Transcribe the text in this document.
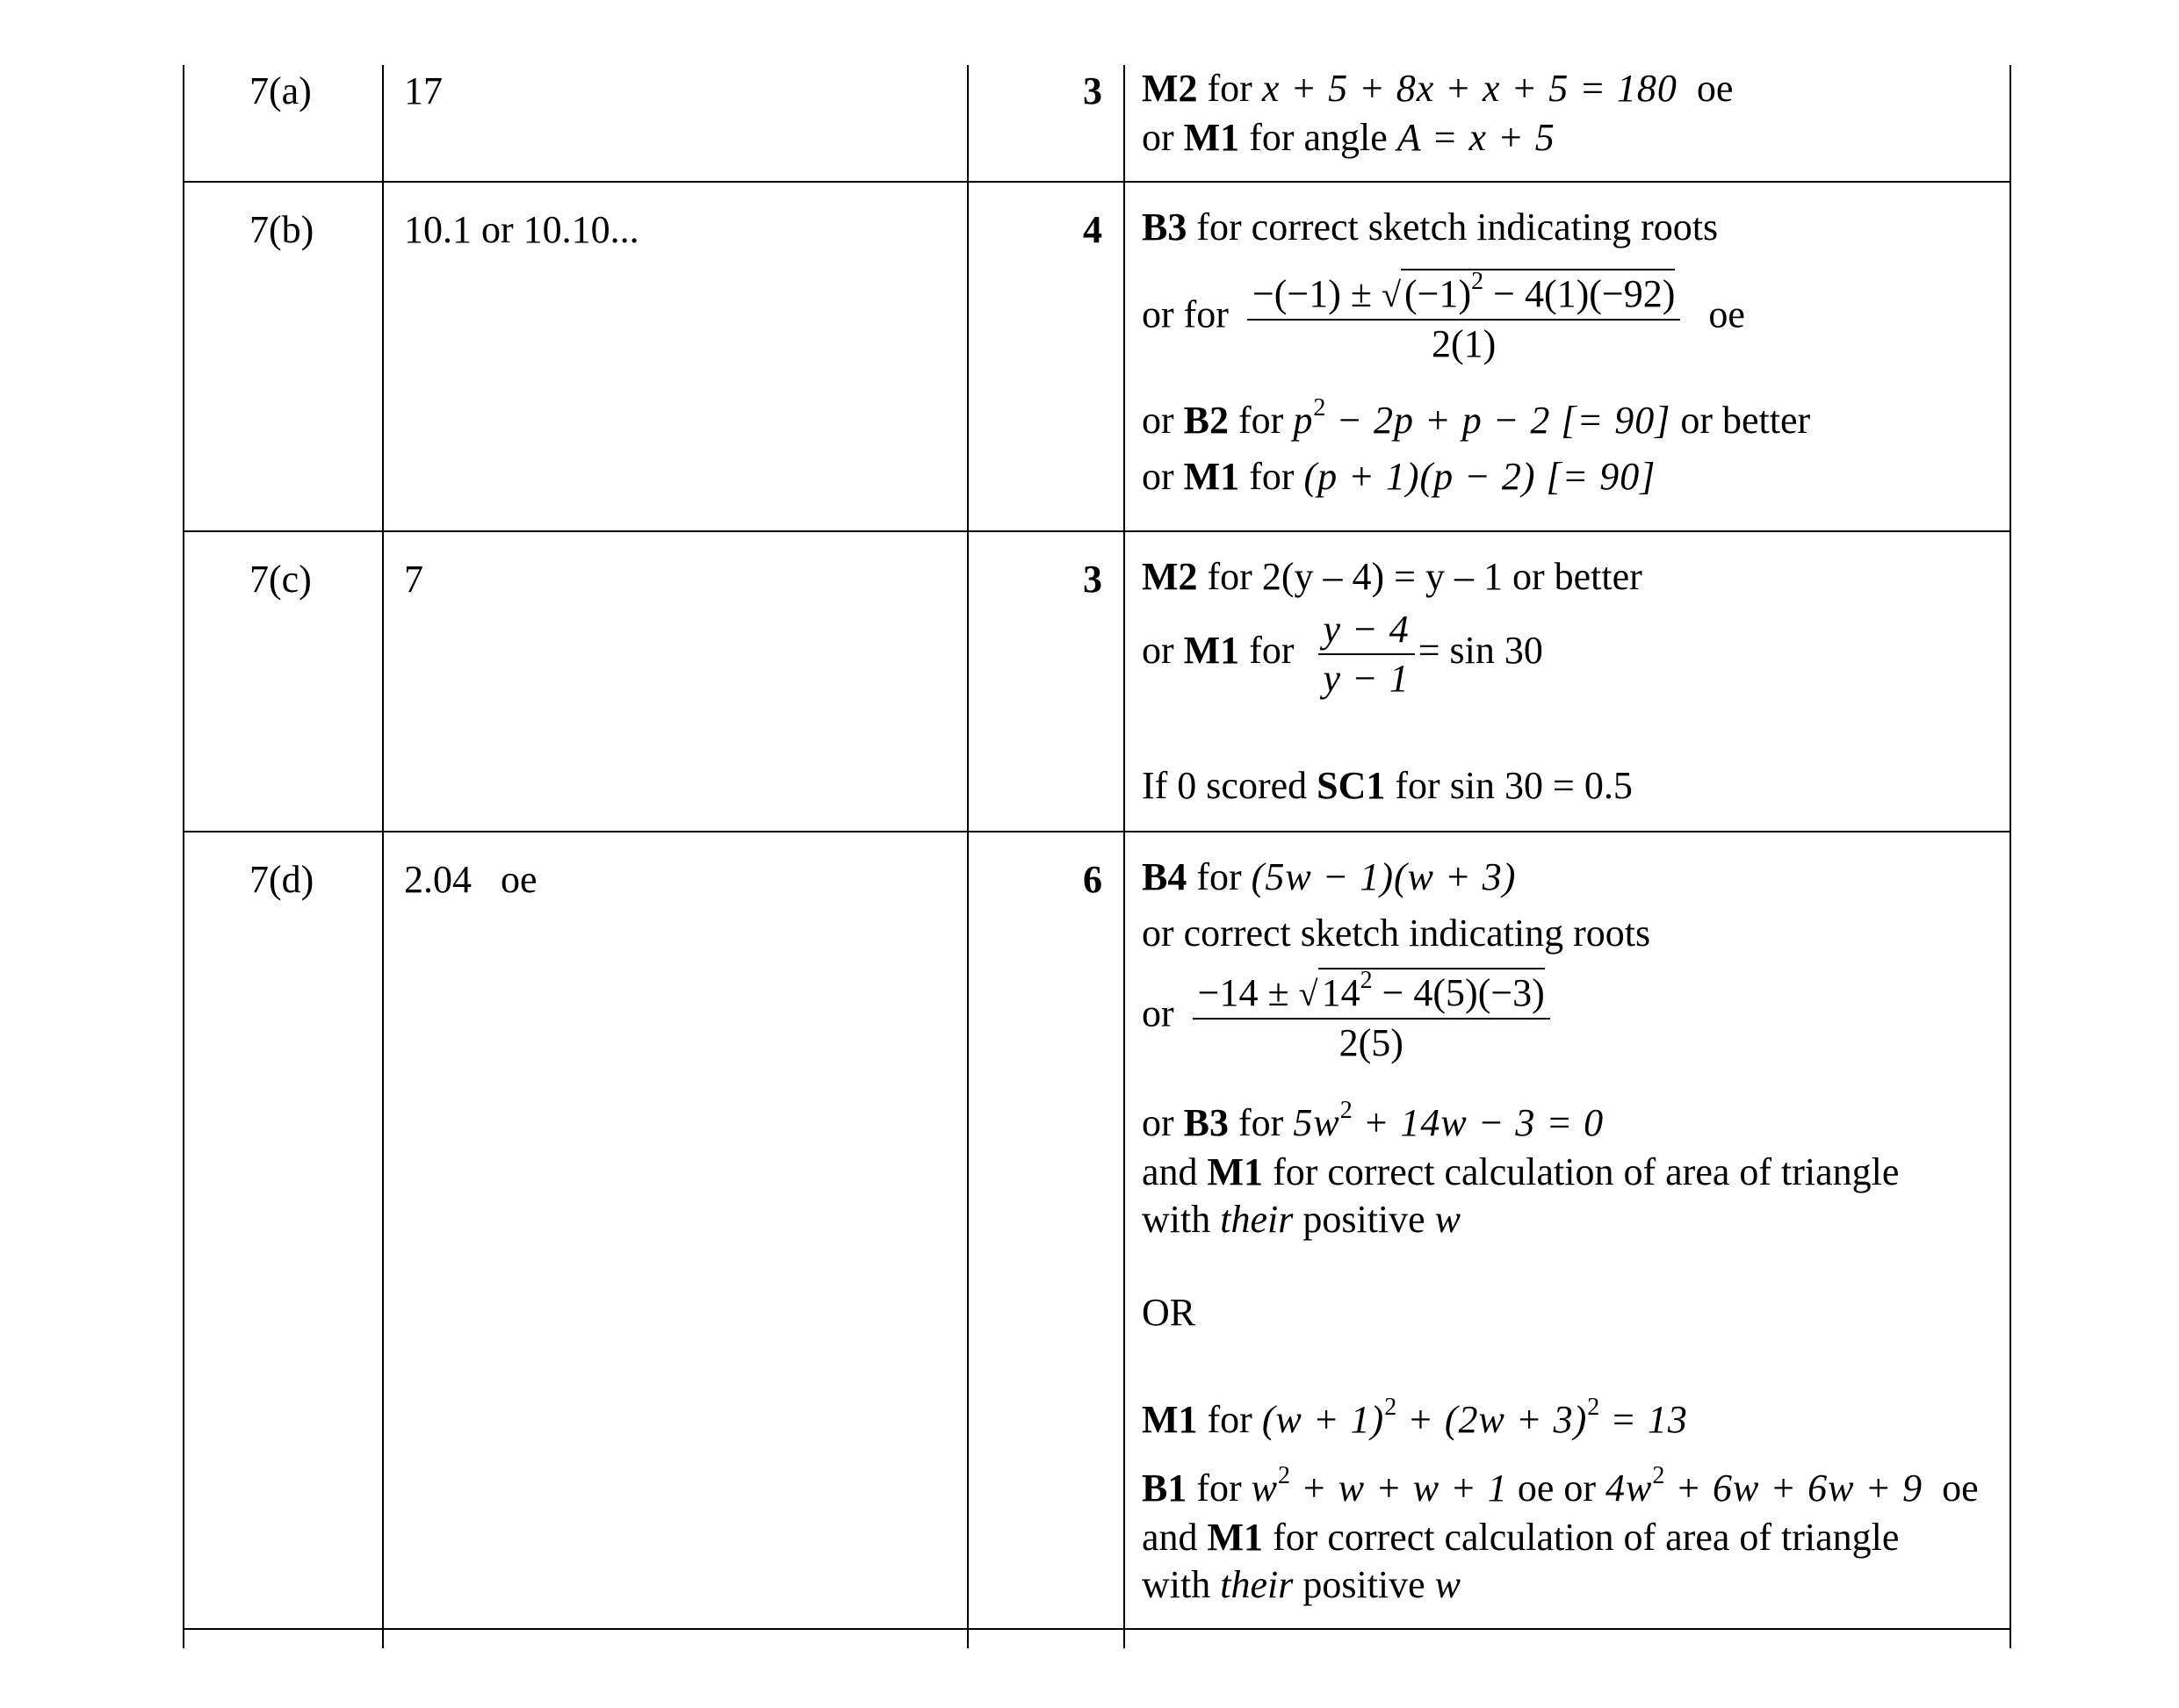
7(a) 17	3 M2 for x + 5 + 8x + x + 5 = 180 oe
or M1 for angle A = x + 5
7(b) 10.1 or 10.10...	4 B3 for correct sketch indicating roots
or for $\frac{-(-1) \pm √(-1)^2 - 4(1)(-92)}{2(1)}$ oe
or B2 for $p^2 - 2p + p - 2$ [= 90] or better
or M1 for (p + 1)(p − 2) [= 90]
7(c) 7	3 M2 for 2(y – 4) = y – 1 or better
or M1 for $\frac{y - 4}{y - 1} = \sin 30$
If 0 scored SC1 for sin 30 = 0.5
7(d) 2.04   oe	6 B4 for (5w − 1)(w + 3)
or correct sketch indicating roots
or $\frac{-14 \pm √14^2 - 4(5)(-3)}{2(5)}$
or B3 for $5w^2 + 14w - 3 = 0$
and M1 for correct calculation of area of triangle
with their positive w
OR
M1 for $(w + 1)^2 + (2w + 3)^2 = 13$
B1 for $w^2 + w + w + 1$ oe or $4w^2 + 6w + 6w + 9$ oe
and M1 for correct calculation of area of triangle
with their positive w
